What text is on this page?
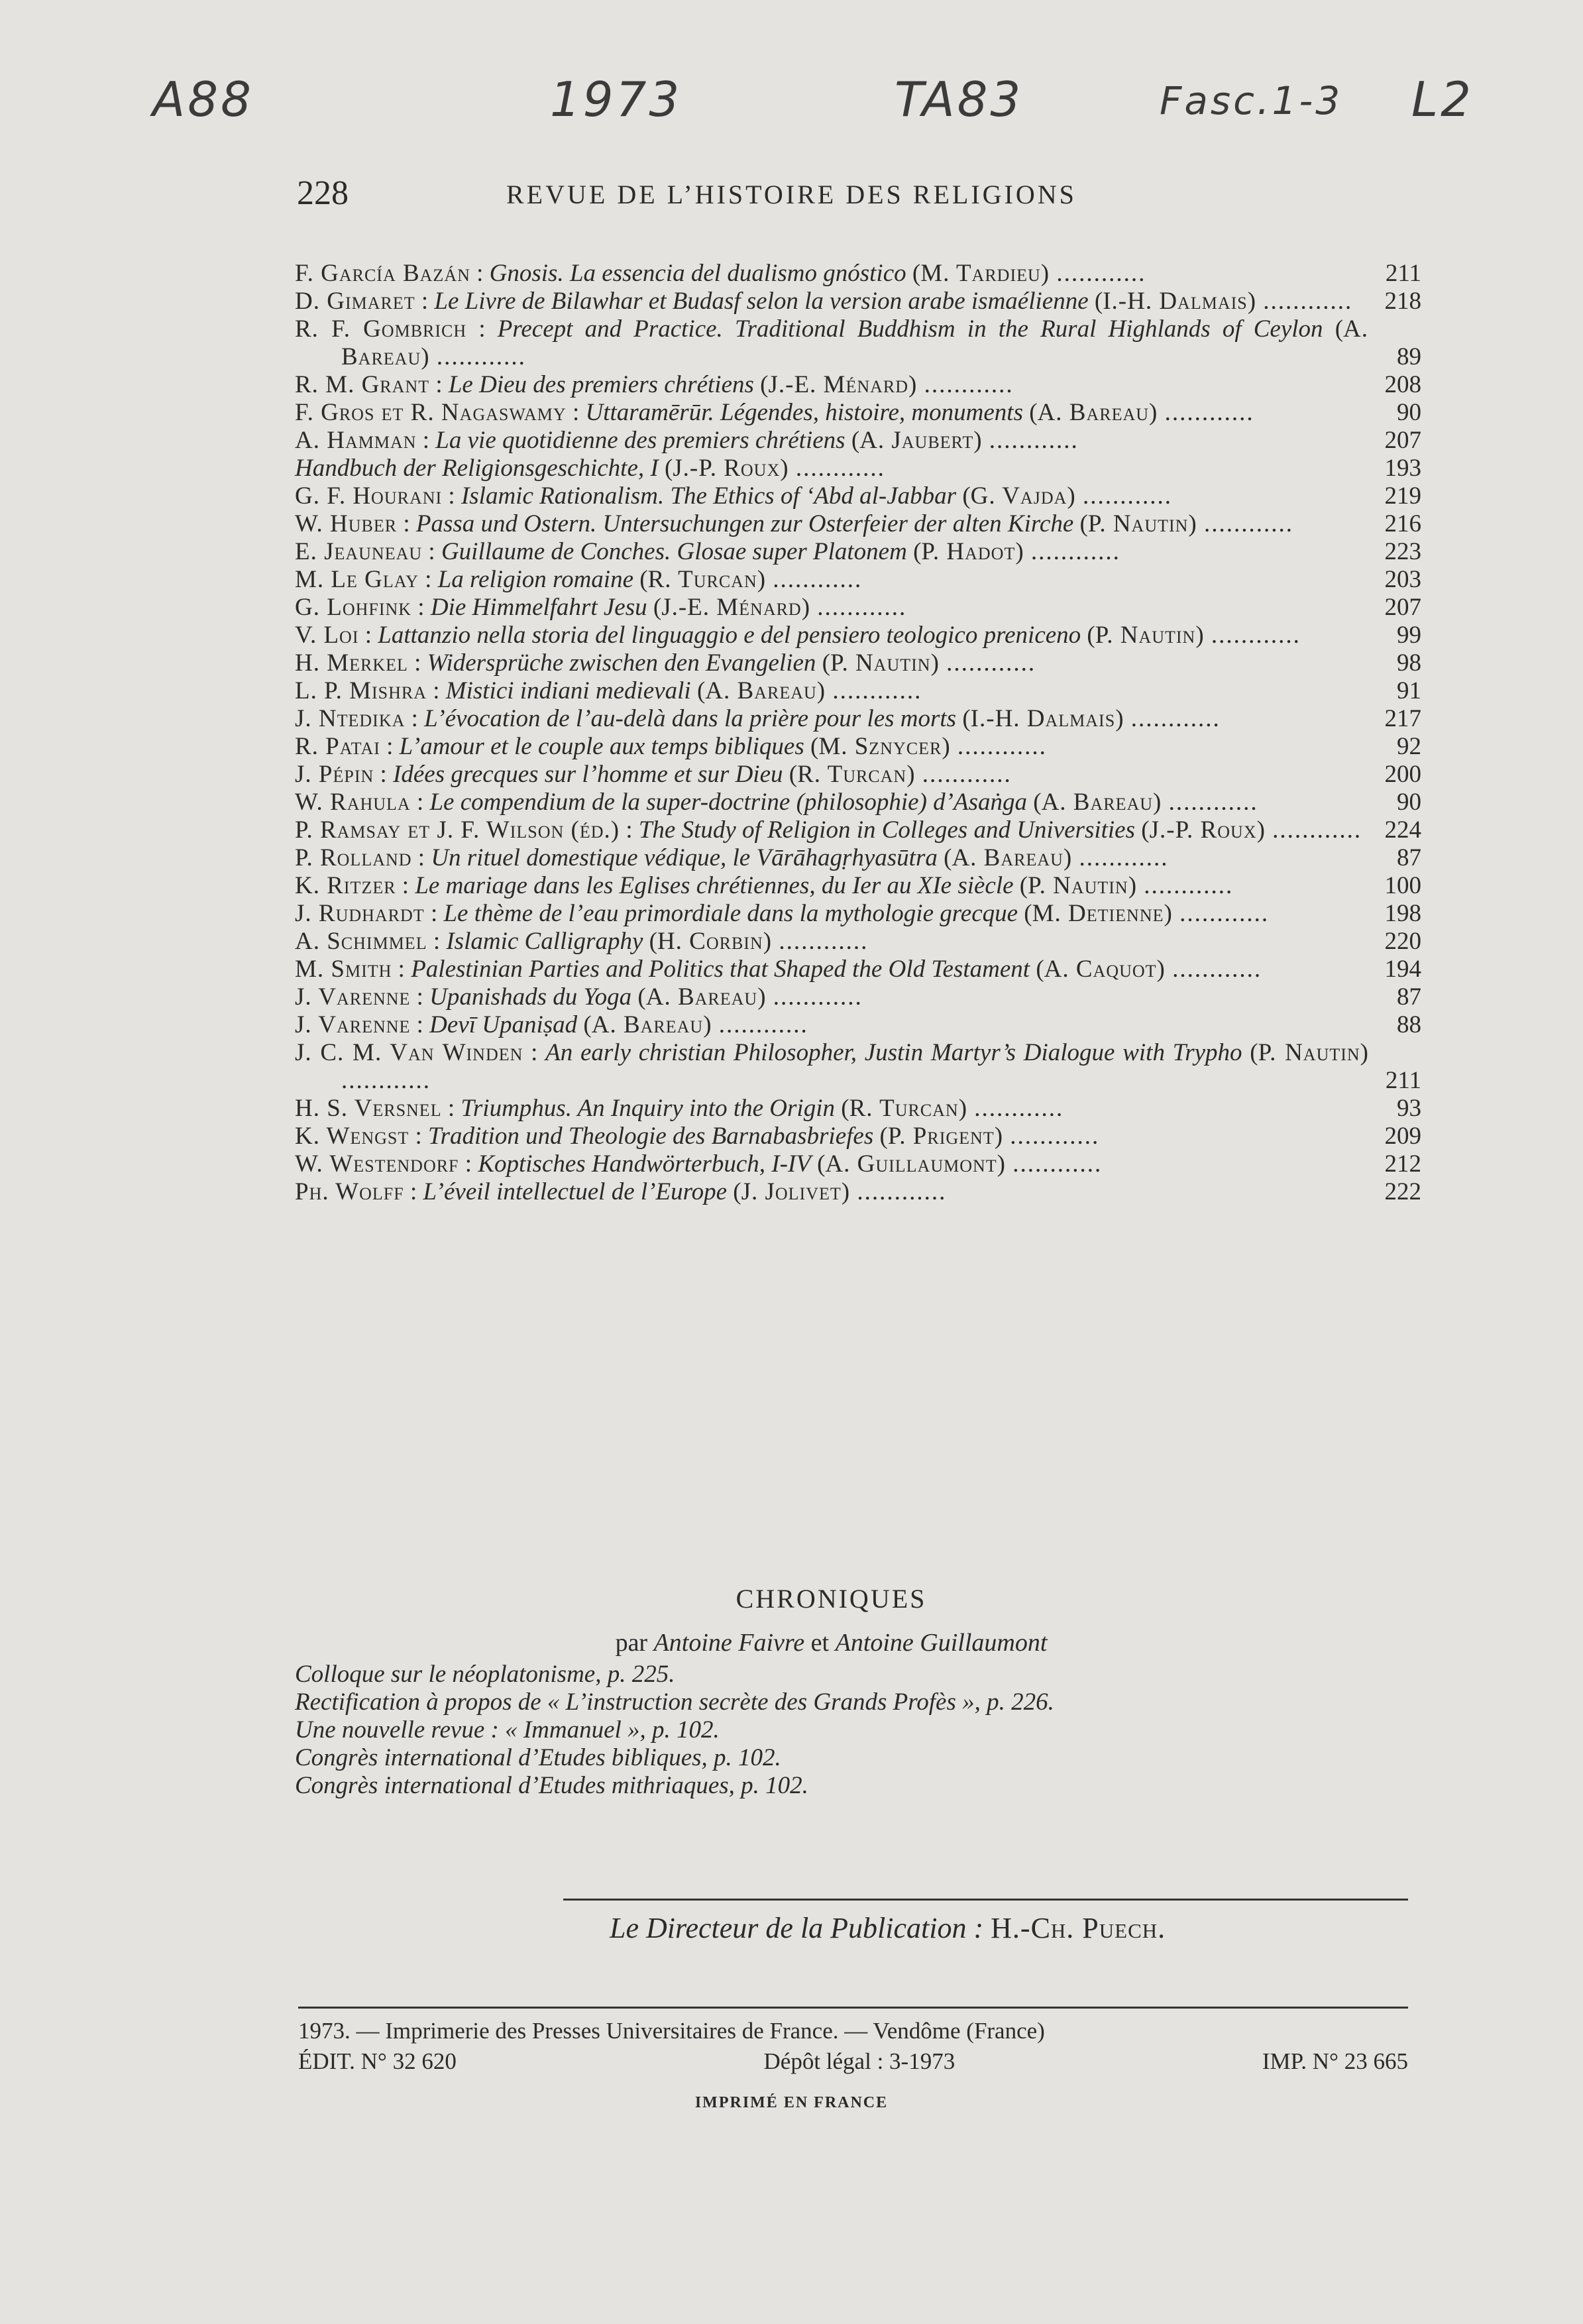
A88	1973	TA83	Fasc.1-3 L2
228	REVUE DE L’HISTOIRE DES RELIGIONS
F. García Bazán : Gnosis. La essencia del dualismo gnóstico (M. Tardieu) ............	211
D. Gimaret : Le Livre de Bilawhar et Budasf selon la version arabe ismaélienne (I.-H. Dalmais) ............	218
R. F. Gombrich : Precept and Practice. Traditional Buddhism in the Rural Highlands of Ceylon (A. Bareau) ............	89
R. M. Grant : Le Dieu des premiers chrétiens (J.-E. Ménard) ............	208
F. Gros et R. Nagaswamy : Uttaramērūr. Légendes, histoire, monuments (A. Bareau) ............	90
A. Hamman : La vie quotidienne des premiers chrétiens (A. Jaubert) ............	207
Handbuch der Religionsgeschichte, I (J.-P. Roux) ............	193
G. F. Hourani : Islamic Rationalism. The Ethics of ‘Abd al-Jabbar (G. Vajda) ............	219
W. Huber : Passa und Ostern. Untersuchungen zur Osterfeier der alten Kirche (P. Nautin) ............	216
E. Jeauneau : Guillaume de Conches. Glosae super Platonem (P. Hadot) ............	223
M. Le Glay : La religion romaine (R. Turcan) ............	203
G. Lohfink : Die Himmelfahrt Jesu (J.-E. Ménard) ............	207
V. Loi : Lattanzio nella storia del linguaggio e del pensiero teologico preniceno (P. Nautin) ............	99
H. Merkel : Widersprüche zwischen den Evangelien (P. Nautin) ............	98
L. P. Mishra : Mistici indiani medievali (A. Bareau) ............	91
J. Ntedika : L’évocation de l’au-delà dans la prière pour les morts (I.-H. Dalmais) ............	217
R. Patai : L’amour et le couple aux temps bibliques (M. Sznycer) ............	92
J. Pépin : Idées grecques sur l’homme et sur Dieu (R. Turcan) ............	200
W. Rahula : Le compendium de la super-doctrine (philosophie) d’Asaṅga (A. Bareau) ............	90
P. Ramsay et J. F. Wilson (éd.) : The Study of Religion in Colleges and Universities (J.-P. Roux) ............ 224
P. Rolland : Un rituel domestique védique, le Vārāhagṛhyasūtra (A. Bareau) ............	87
K. Ritzer : Le mariage dans les Eglises chrétiennes, du Ier au XIe siècle (P. Nautin) ............	100
J. Rudhardt : Le thème de l’eau primordiale dans la mythologie grecque (M. Detienne) ............	198
A. Schimmel : Islamic Calligraphy (H. Corbin) ............	220
M. Smith : Palestinian Parties and Politics that Shaped the Old Testament (A. Caquot) ............	194
J. Varenne : Upanishads du Yoga (A. Bareau) ............	87
J. Varenne : Devī Upaniṣad (A. Bareau) ............	88
J. C. M. Van Winden : An early christian Philosopher, Justin Martyr’s Dialogue with Trypho (P. Nautin) ............	211
H. S. Versnel : Triumphus. An Inquiry into the Origin (R. Turcan) ............	93
K. Wengst : Tradition und Theologie des Barnabasbriefes (P. Prigent) ............	209
W. Westendorf : Koptisches Handwörterbuch, I-IV (A. Guillaumont) ............	212
Ph. Wolff : L’éveil intellectuel de l’Europe (J. Jolivet) ............	222
CHRONIQUES
par Antoine Faivre et Antoine Guillaumont
Colloque sur le néoplatonisme, p. 225.
Rectification à propos de « L’instruction secrète des Grands Profès », p. 226.
Une nouvelle revue : « Immanuel », p. 102.
Congrès international d’Etudes bibliques, p. 102.
Congrès international d’Etudes mithriaques, p. 102.
Le Directeur de la Publication : H.-Ch. Puech.
1973. — Imprimerie des Presses Universitaires de France. — Vendôme (France)
ÉDIT. N° 32 620	Dépôt légal : 3-1973	IMP. N° 23 665
IMPRIMÉ EN FRANCE
